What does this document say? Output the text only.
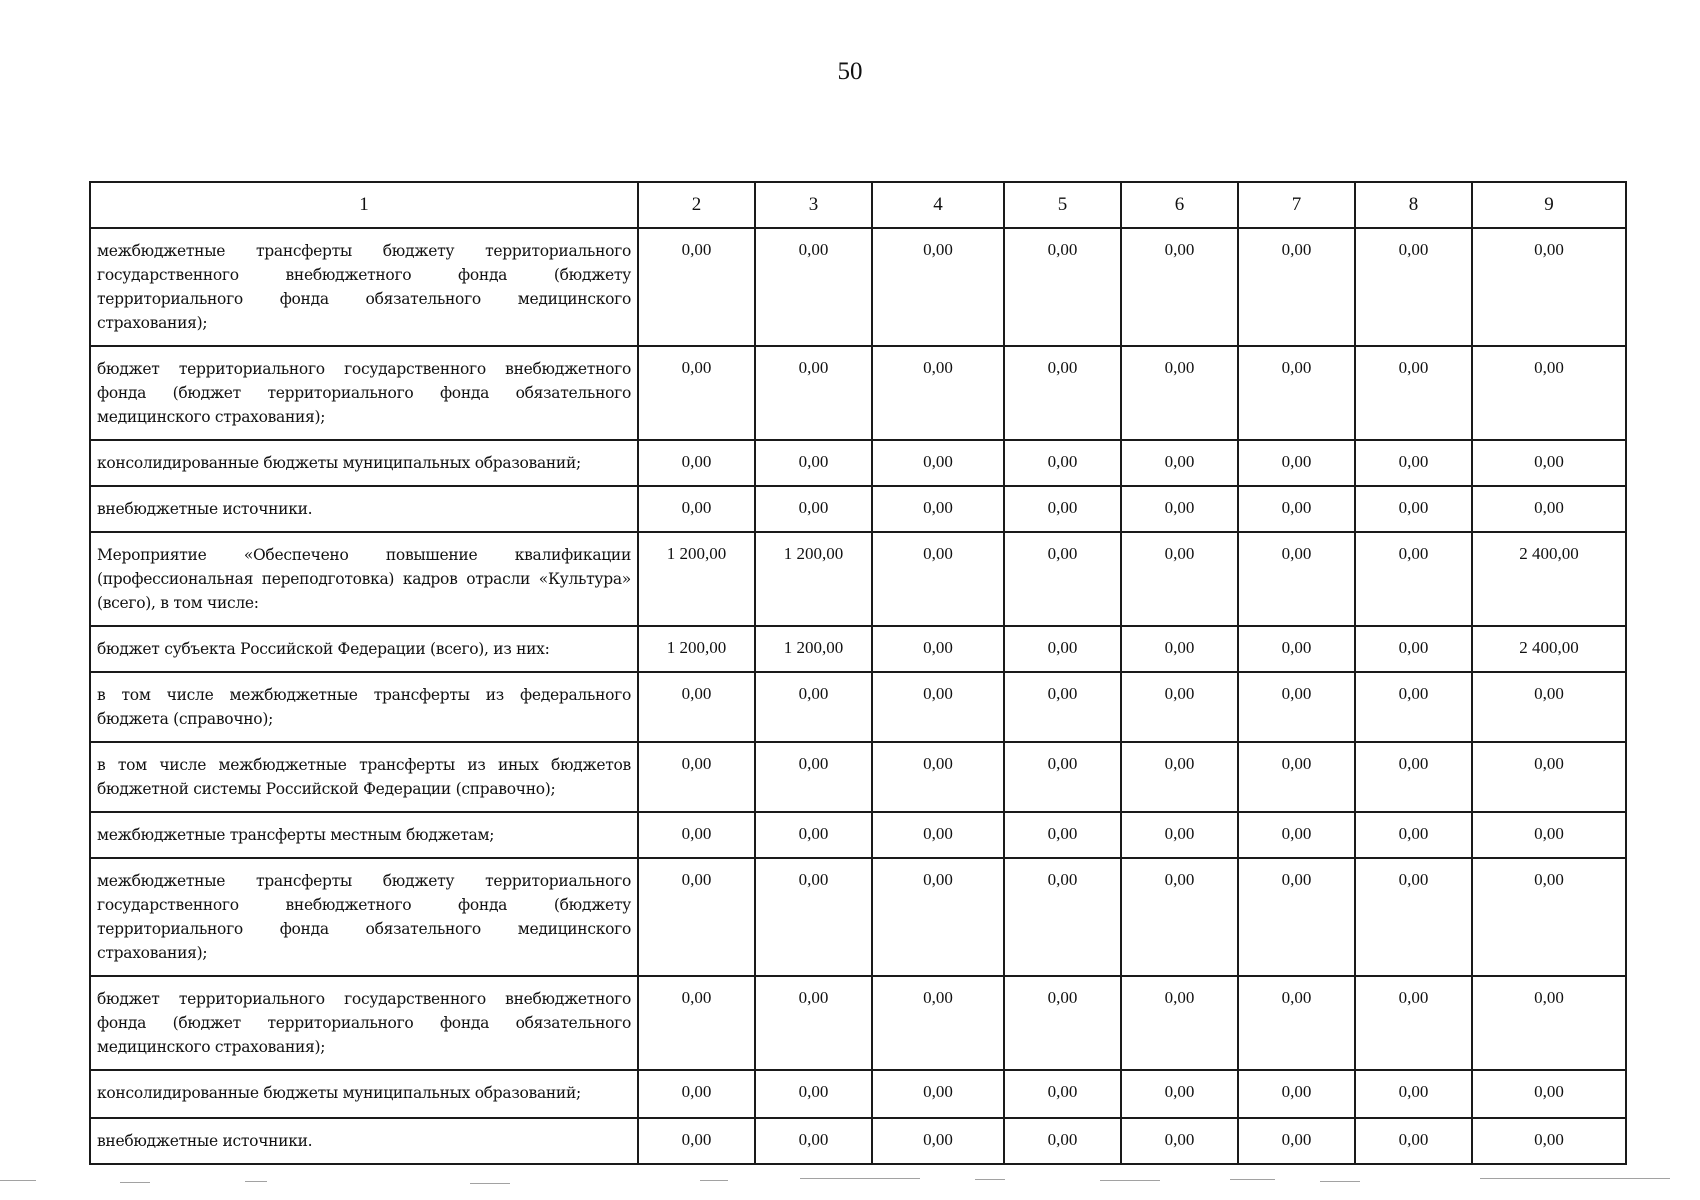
50
1	2	3	4	5	6	7	8	9
межбюджетные трансферты бюджету территориального государственного внебюджетного фонда (бюджету территориального фонда обязательного медицинского страхования);	0,00	0,00	0,00	0,00	0,00	0,00	0,00	0,00
бюджет территориального государственного внебюджетного фонда (бюджет территориального фонда обязательного медицинского страхования);	0,00	0,00	0,00	0,00	0,00	0,00	0,00	0,00
консолидированные бюджеты муниципальных образований;	0,00	0,00	0,00	0,00	0,00	0,00	0,00	0,00
внебюджетные источники.	0,00	0,00	0,00	0,00	0,00	0,00	0,00	0,00
Мероприятие «Обеспечено повышение квалификации (профессиональная переподготовка) кадров отрасли «Культура» (всего), в том числе:	1 200,00	1 200,00	0,00	0,00	0,00	0,00	0,00	2 400,00
бюджет субъекта Российской Федерации (всего), из них:	1 200,00	1 200,00	0,00	0,00	0,00	0,00	0,00	2 400,00
в том числе межбюджетные трансферты из федерального бюджета (справочно);	0,00	0,00	0,00	0,00	0,00	0,00	0,00	0,00
в том числе межбюджетные трансферты из иных бюджетов бюджетной системы Российской Федерации (справочно);	0,00	0,00	0,00	0,00	0,00	0,00	0,00	0,00
межбюджетные трансферты местным бюджетам;	0,00	0,00	0,00	0,00	0,00	0,00	0,00	0,00
межбюджетные трансферты бюджету территориального государственного внебюджетного фонда (бюджету территориального фонда обязательного медицинского страхования);	0,00	0,00	0,00	0,00	0,00	0,00	0,00	0,00
бюджет территориального государственного внебюджетного фонда (бюджет территориального фонда обязательного медицинского страхования);	0,00	0,00	0,00	0,00	0,00	0,00	0,00	0,00
консолидированные бюджеты муниципальных образований;	0,00	0,00	0,00	0,00	0,00	0,00	0,00	0,00
внебюджетные источники.	0,00	0,00	0,00	0,00	0,00	0,00	0,00	0,00
